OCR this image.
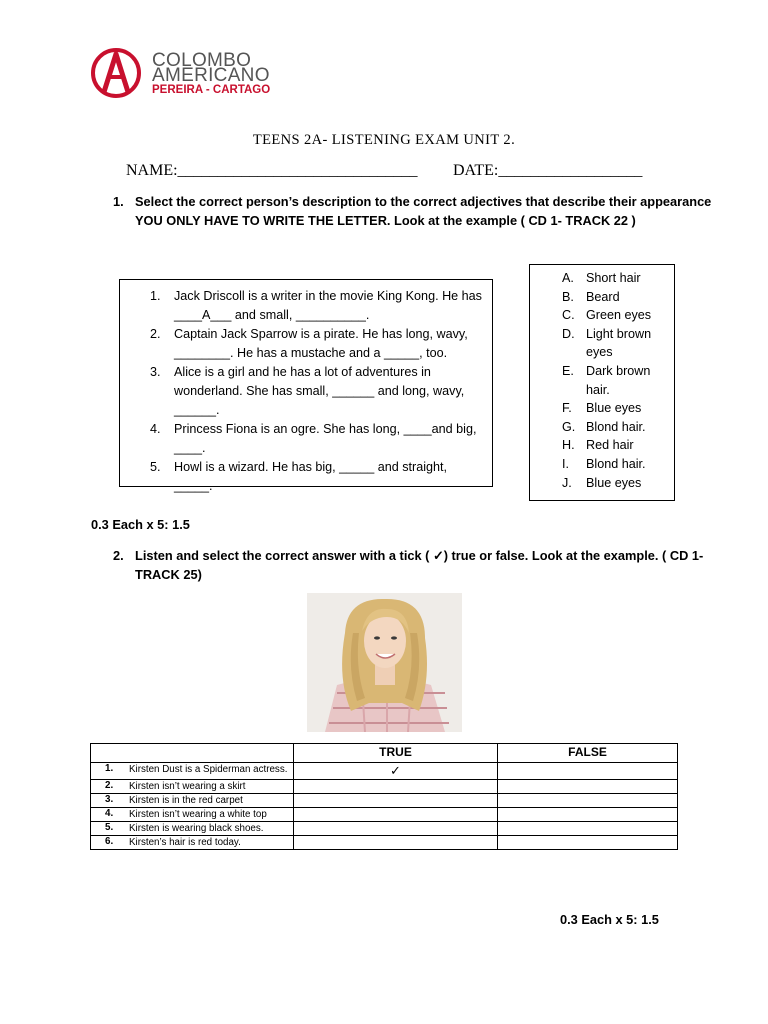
COLOMBO
AMERICANO
PEREIRA - CARTAGO
TEENS 2A- LISTENING EXAM UNIT 2.
NAME:______________________________ DATE:__________________
1. Select the correct person’s description to the correct adjectives that describe their appearance
YOU ONLY HAVE TO WRITE THE LETTER. Look at the example ( CD 1- TRACK 22 )
1. Jack Driscoll is a writer in the movie King Kong. He has ____A___ and small, __________.
2. Captain Jack Sparrow is a pirate. He has long, wavy, ________. He has a mustache and a _____, too.
3. Alice is a girl and he has a lot of adventures in wonderland. She has small, ______ and long, wavy, ______.
4. Princess Fiona is an ogre. She has long, ____and big, ____.
5. Howl is a wizard. He has big, _____ and straight, _____.
A. Short hair
B. Beard
C. Green eyes
D. Light brown eyes
E. Dark brown hair.
F. Blue eyes
G. Blond hair.
H. Red hair
I. Blond hair.
J. Blue eyes
0.3 Each x 5: 1.5
2. Listen and select the correct answer with a tick ( ✓) true or false. Look at the example. ( CD 1-
TRACK 25)
	TRUE	FALSE

1. Kirsten Dust is a Spiderman actress.	✓	

2. Kirsten isn’t wearing a skirt		

3. Kirsten is in the red carpet		

4. Kirsten isn’t wearing a white top		

5. Kirsten is wearing black shoes.		

6. Kirsten’s hair is red today.		

0.3 Each x 5: 1.5
